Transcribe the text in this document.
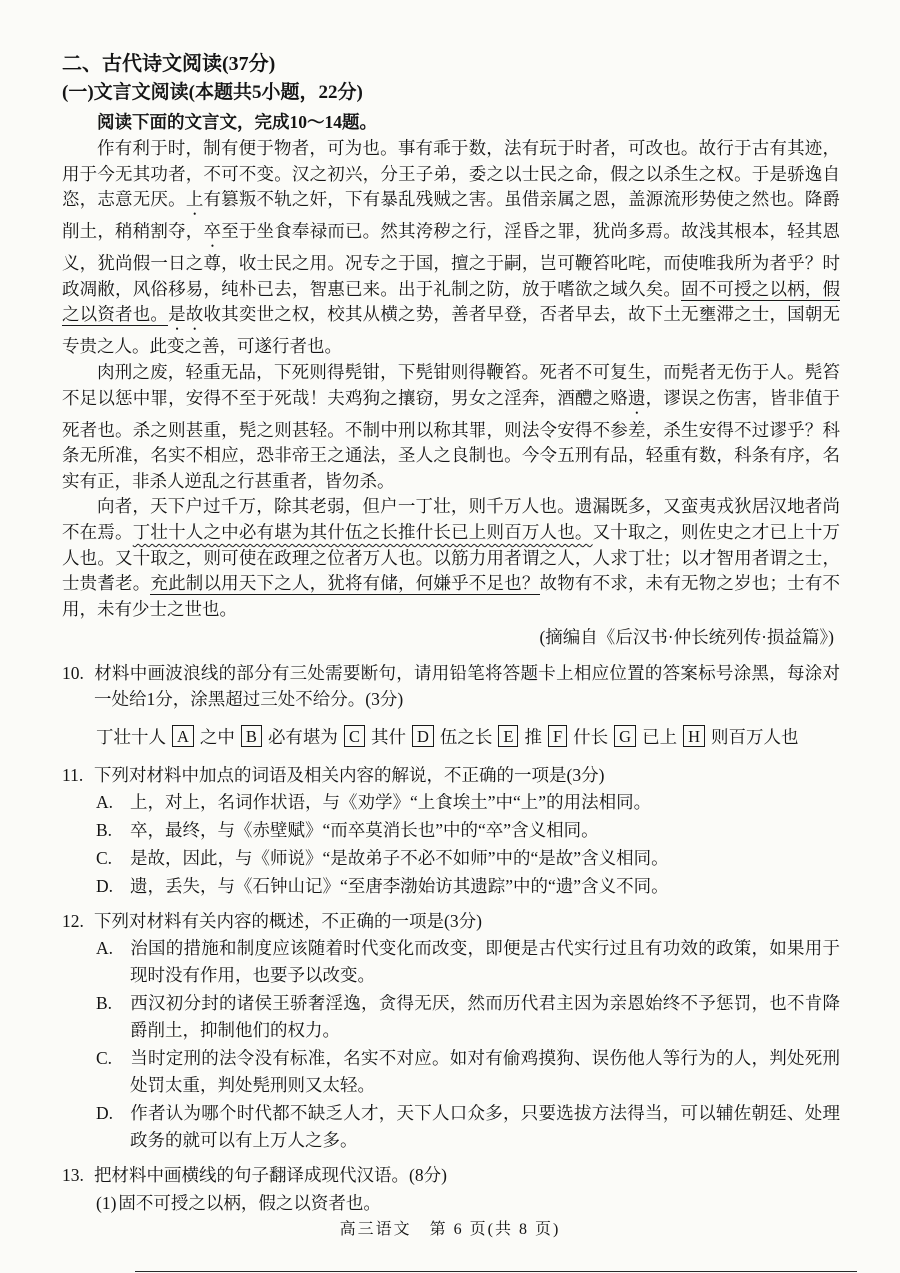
二、古代诗文阅读(37分)
(一)文言文阅读(本题共5小题，22分)
阅读下面的文言文，完成10～14题。

作有利于时，制有便于物者，可为也。事有乖于数，法有玩于时者，可改也。故行于古有其迹，用于今无其功者，不可不变。汉之初兴，分王子弟，委之以士民之命，假之以杀生之权。于是骄逸自恣，志意无厌。上有篡叛不轨之奸，下有暴乱残贼之害。虽借亲属之恩，盖源流形势使之然也。降爵削土，稍稍割夺，卒至于坐食奉禄而已。然其洿秽之行，淫昏之罪，犹尚多焉。故浅其根本，轻其恩义，犹尚假一日之尊，收士民之用。况专之于国，擅之于嗣，岂可鞭笞叱咤，而使唯我所为者乎？时政凋敝，风俗移易，纯朴已去，智惠已来。出于礼制之防，放于嗜欲之域久矣。固不可授之以柄，假之以资者也。是故收其奕世之权，校其从横之势，善者早登，否者早去，故下土无壅滞之士，国朝无专贵之人。此变之善，可遂行者也。

肉刑之废，轻重无品，下死则得髡钳，下髡钳则得鞭笞。死者不可复生，而髡者无伤于人。髡笞不足以惩中罪，安得不至于死哉！夫鸡狗之攘窃，男女之淫奔，酒醴之赂遗，谬误之伤害，皆非值于死者也。杀之则甚重，髡之则甚轻。不制中刑以称其罪，则法令安得不参差，杀生安得不过谬乎？科条无所准，名实不相应，恐非帝王之通法，圣人之良制也。今令五刑有品，轻重有数，科条有序，名实有正，非杀人逆乱之行甚重者，皆勿杀。

向者，天下户过千万，除其老弱，但户一丁壮，则千万人也。遗漏既多，又蛮夷戎狄居汉地者尚不在焉。丁壮十人之中必有堪为其什伍之长推什长已上则百万人也。又十取之，则佐史之才已上十万人也。又十取之，则可使在政理之位者万人也。以筋力用者谓之人，人求丁壮；以才智用者谓之士，士贵耆老。充此制以用天下之人，犹将有储，何嫌乎不足也？故物有不求，未有无物之岁也；士有不用，未有少士之世也。

(摘编自《后汉书·仲长统列传·损益篇》)
10. 材料中画波浪线的部分有三处需要断句，请用铅笔将答题卡上相应位置的答案标号涂黑，每涂对一处给1分，涂黑超过三处不给分。(3分)
丁壮十人 A 之中 B 必有堪为 C 其什 D 伍之长 E 推 F 什长 G 已上 H 则百万人也
11. 下列对材料中加点的词语及相关内容的解说，不正确的一项是(3分)
A. 上，对上，名词作状语，与《劝学》“上食埃土”中“上”的用法相同。
B. 卒，最终，与《赤壁赋》“而卒莫消长也”中的“卒”含义相同。
C. 是故，因此，与《师说》“是故弟子不必不如师”中的“是故”含义相同。
D. 遗，丢失，与《石钟山记》“至唐李渤始访其遗踪”中的“遗”含义不同。
12. 下列对材料有关内容的概述，不正确的一项是(3分)
A. 治国的措施和制度应该随着时代变化而改变，即便是古代实行过且有功效的政策，如果用于现时没有作用，也要予以改变。
B. 西汉初分封的诸侯王骄奢淫逸，贪得无厌，然而历代君主因为亲恩始终不予惩罚，也不肯降爵削土，抑制他们的权力。
C. 当时定刑的法令没有标准，名实不对应。如对有偷鸡摸狗、误伤他人等行为的人，判处死刑处罚太重，判处髡刑则又太轻。
D. 作者认为哪个时代都不缺乏人才，天下人口众多，只要选拔方法得当，可以辅佐朝廷、处理政务的就可以有上万人之多。
13. 把材料中画横线的句子翻译成现代汉语。(8分)
(1) 固不可授之以柄，假之以资者也。
高三语文　第 6 页(共 8 页)
